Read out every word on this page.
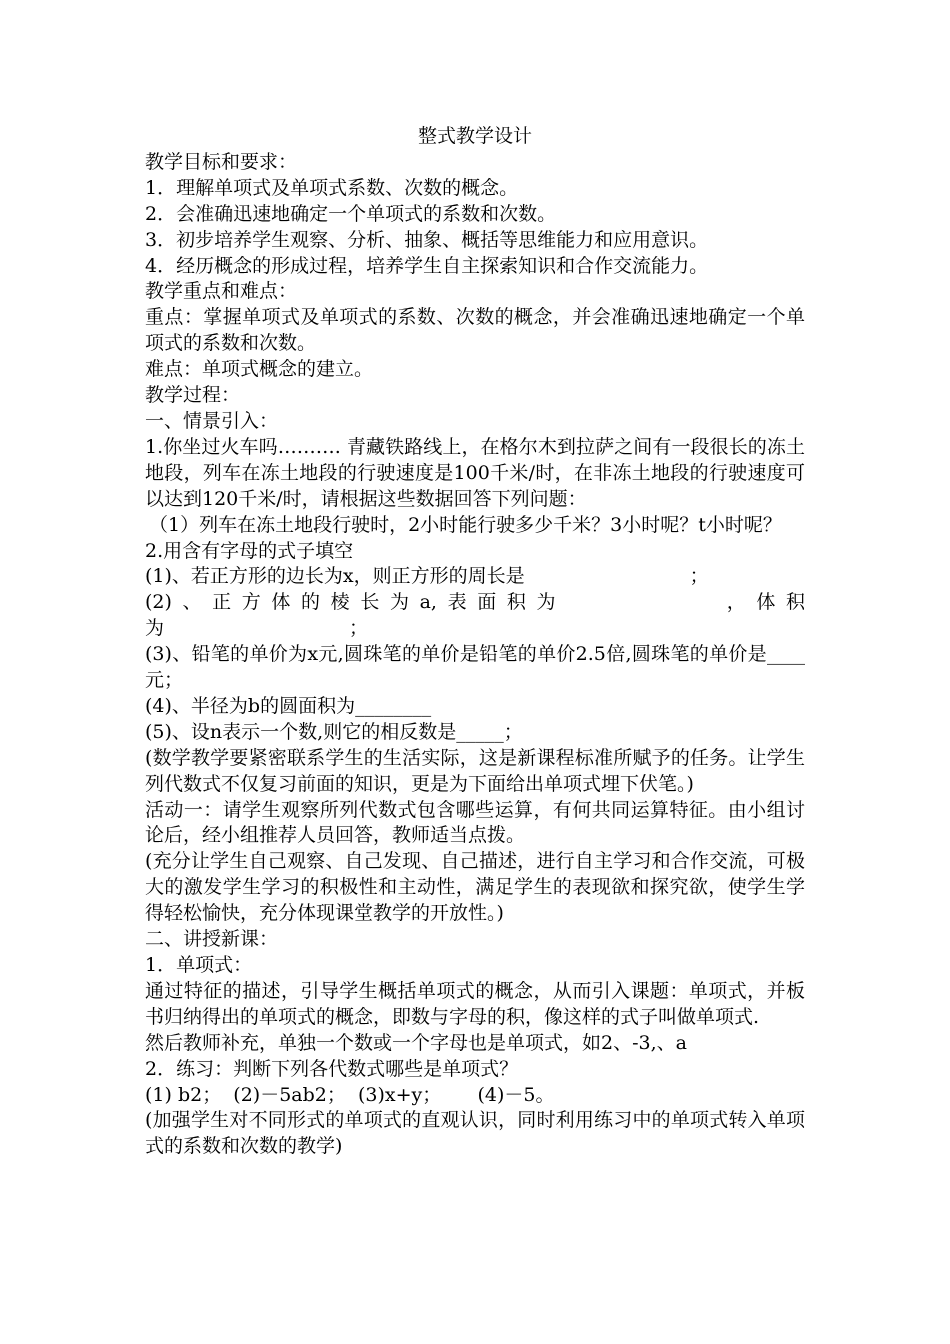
整式教学设计

教学目标和要求：

1．理解单项式及单项式系数、次数的概念。

2．会准确迅速地确定一个单项式的系数和次数。

3．初步培养学生观察、分析、抽象、概括等思维能力和应用意识。

4．经历概念的形成过程，培养学生自主探索知识和合作交流能力。

教学重点和难点：

重点：掌握单项式及单项式的系数、次数的概念，并会准确迅速地确定一个单项式的系数和次数。

难点：单项式概念的建立。

教学过程：

一、情景引入：

1.你坐过火车吗………. 青藏铁路线上，在格尔木到拉萨之间有一段很长的冻土地段，列车在冻土地段的行驶速度是100千米/时，在非冻土地段的行驶速度可以达到120千米/时，请根据这些数据回答下列问题：

（1）列车在冻土地段行驶时，2小时能行驶多少千米？3小时呢？t小时呢？

2.用含有字母的式子填空

(1)、若正方形的边长为x，则正方形的周长是	；

(2)、正方体的棱长为a,表面积为	，体积

为	；

(3)、铅笔的单价为x元,圆珠笔的单价是铅笔的单价2.5倍,圆珠笔的单价是____ 元；

(4)、半径为b的圆面积为________

(5)、设n表示一个数,则它的相反数是_____；

(数学教学要紧密联系学生的生活实际，这是新课程标准所赋予的任务。让学生列代数式不仅复习前面的知识，更是为下面给出单项式埋下伏笔。)

活动一：请学生观察所列代数式包含哪些运算，有何共同运算特征。由小组讨论后，经小组推荐人员回答，教师适当点拨。

(充分让学生自己观察、自己发现、自己描述，进行自主学习和合作交流，可极大的激发学生学习的积极性和主动性，满足学生的表现欲和探究欲，使学生学得轻松愉快，充分体现课堂教学的开放性。)

二、讲授新课：

1．单项式：

通过特征的描述，引导学生概括单项式的概念，从而引入课题：单项式，并板书归纳得出的单项式的概念，即数与字母的积，像这样的式子叫做单项式.

然后教师补充，单独一个数或一个字母也是单项式，如2、-3,、a

2．练习：判断下列各代数式哪些是单项式？

(1) b2；  (2)－5ab2；  (3)x+y；      (4)－5。

(加强学生对不同形式的单项式的直观认识，同时利用练习中的单项式转入单项式的系数和次数的教学)
